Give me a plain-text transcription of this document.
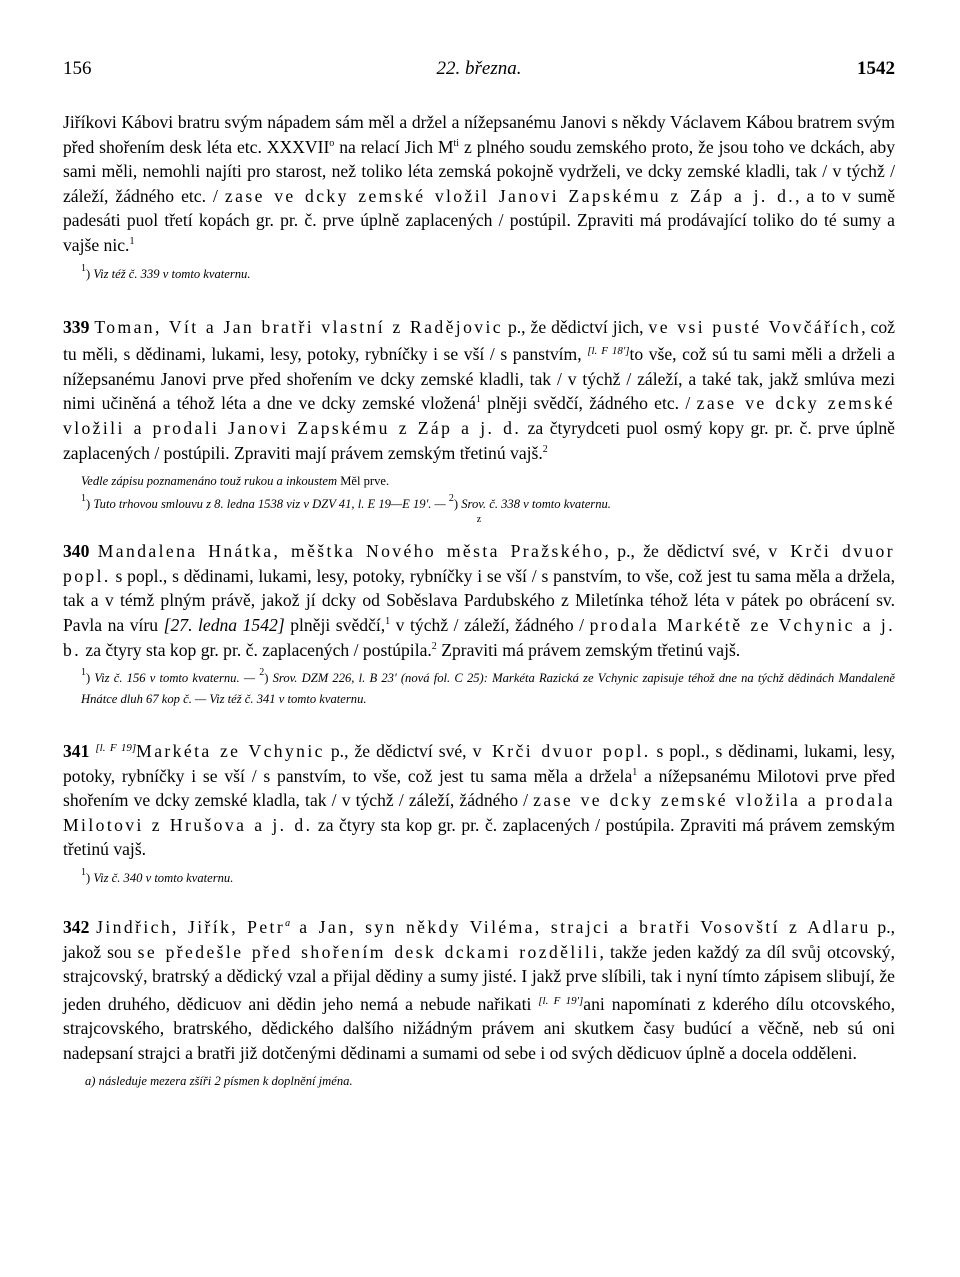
156	22. března.	1542

Jiříkovi Kábovi bratru svým nápadem sám měl a držel a nížepsanému Janovi s někdy Václavem Kábou bratrem svým před shořením desk léta etc. XXXVII$^o$ na relací Jich $M^{ti}$ z plného soudu zemského proto, že jsou toho ve dckách, aby sami měli, nemohli najíti pro starost, než toliko léta zemská pokojně vydrželi, ve dcky zemské kladli, tak / v týchž / záleží, žádného etc. / zase ve dcky zemské vložil Janovi Zapskému z Záp a j. d., a to v sumě padesáti puol třetí kopách gr. pr. č. prve úplně zaplacených / postúpil. Zpraviti má prodávající toliko do té sumy a vajše nic.$^1$

$^1$) Viz též č. 339 v tomto kvaternu.

339 Toman, Vít a Jan bratři vlastní z Radějovic p., že dědictví jich, ve vsi pusté Vovčářích, což tu měli, s dědinami, lukami, lesy, potoky, rybníčky i se vší / s panstvím, [l. F 18']to vše, což sú tu sami měli a drželi a nížepsanému Janovi prve před shořením ve dcky zemské kladli, tak / v týchž / záleží, a také tak, jakž smlúva mezi nimi učiněná a téhož léta a dne ve dcky zemské vložená$^1$ plněji svědčí, žádného etc. / zase ve dcky zemské vložili a prodali Janovi Zapskému z Záp a j. d. za čtyrydceti puol osmý kopy gr. pr. č. prve úplně zaplacených / postúpili. Zpraviti mají právem zemským třetinú vajš.$^2$

Vedle zápisu poznamenáno touž rukou a inkoustem Měl prve.
$^1$) Tuto trhovou smlouvu z 8. ledna 1538 viz v DZV 41, l. E 19—E 19'. — $^2$) Srov. č. 338 v tomto kvaternu.
z

340 Mandalena Hnátka, měštka Nového města Pražského, p., že dědictví své, v Krči dvuor popl. s popl., s dědinami, lukami, lesy, potoky, rybníčky i se vší / s panstvím, to vše, což jest tu sama měla a držela, tak a v témž plným právě, jakož jí dcky od Soběslava Pardubského z Miletínka téhož léta v pátek po obrácení sv. Pavla na víru [27. ledna 1542] plněji svědčí,$^1$ v týchž / záleží, žádného / prodala Markétě ze Vchynic a j. b. za čtyry sta kop gr. pr. č. zaplacených / postúpila.$^2$ Zpraviti má právem zemským třetinú vajš.

$^1$) Viz č. 156 v tomto kvaternu. — $^2$) Srov. DZM 226, l. B 23' (nová fol. C 25): Markéta Razická ze Vchynic zapisuje téhož dne na týchž dědinách Mandaleně Hnátce dluh 67 kop č. — Viz též č. 341 v tomto kvaternu.

341 [l. F 19]Markéta ze Vchynic p., že dědictví své, v Krči dvuor popl. s popl., s dědinami, lukami, lesy, potoky, rybníčky i se vší / s panstvím, to vše, což jest tu sama měla a držela$^1$ a nížepsanému Milotovi prve před shořením ve dcky zemské kladla, tak / v týchž / záleží, žádného / zase ve dcky zemské vložila a prodala Milotovi z Hrušova a j. d. za čtyry sta kop gr. pr. č. zaplacených / postúpila. Zpraviti má právem zemským třetinú vajš.

$^1$) Viz č. 340 v tomto kvaternu.

342 Jindřich, Jiřík, Petr$^a$ a Jan, syn někdy Viléma, strajci a bratři Vosovští z Adlaru p., jakož sou se předešle před shořením desk dckami rozdělili, takže jeden každý za díl svůj otcovský, strajcovský, bratrský a dědický vzal a přijal dědiny a sumy jisté. I jakž prve slíbili, tak i nyní tímto zápisem slibují, že jeden druhého, dědicuov ani dědin jeho nemá a nebude nařikati [l. F 19']ani napomínati z kderého dílu otcovského, strajcovského, bratrského, dědického dalšího nižádným právem ani skutkem časy budúcí a věčně, neb sú oni nadepsaní strajci a bratři již dotčenými dědinami a sumami od sebe i od svých dědicuov úplně a docela odděleni.

a) následuje mezera zšíři 2 písmen k doplnění jména.
